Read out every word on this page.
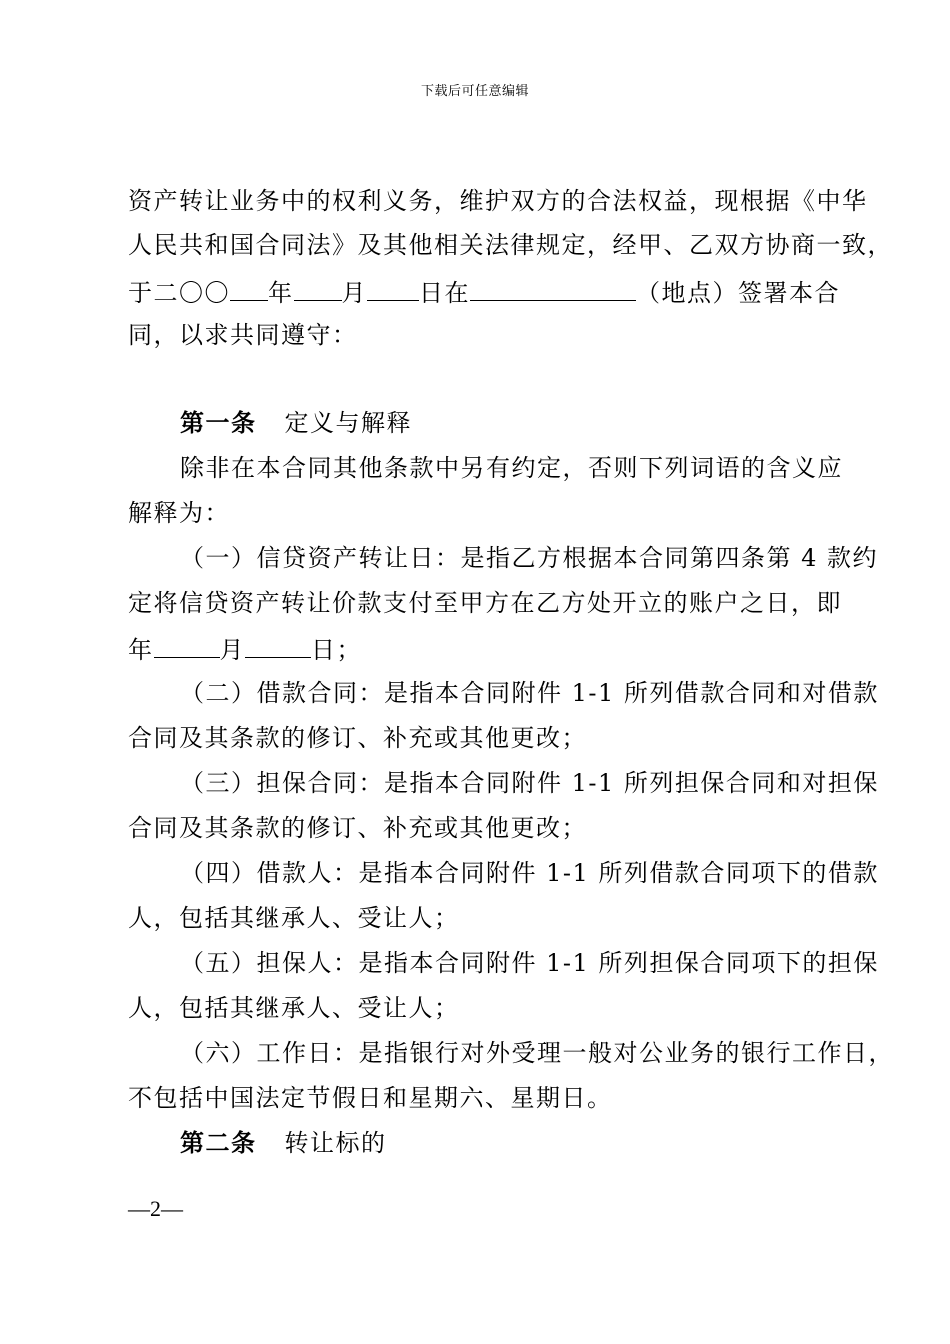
下载后可任意编辑
资产转让业务中的权利义务，维护双方的合法权益，现根据《中华
人民共和国合同法》及其他相关法律规定，经甲、乙双方协商一致，
于二〇〇 年 月 日在	（地点）签署本合
同，以求共同遵守：
第一条 定义与解释
除非在本合同其他条款中另有约定，否则下列词语的含义应
解释为：
（一）信贷资产转让日：是指乙方根据本合同第四条第 4 款约
定将信贷资产转让价款支付至甲方在乙方处开立的账户之日，即
年	月	日；
（二）借款合同：是指本合同附件 1-1 所列借款合同和对借款
合同及其条款的修订、补充或其他更改；
（三）担保合同：是指本合同附件 1-1 所列担保合同和对担保
合同及其条款的修订、补充或其他更改；
（四）借款人：是指本合同附件 1-1 所列借款合同项下的借款
人，包括其继承人、受让人；
（五）担保人：是指本合同附件 1-1 所列担保合同项下的担保
人，包括其继承人、受让人；
（六）工作日：是指银行对外受理一般对公业务的银行工作日，
不包括中国法定节假日和星期六、星期日。
第二条 转让标的
—2—
